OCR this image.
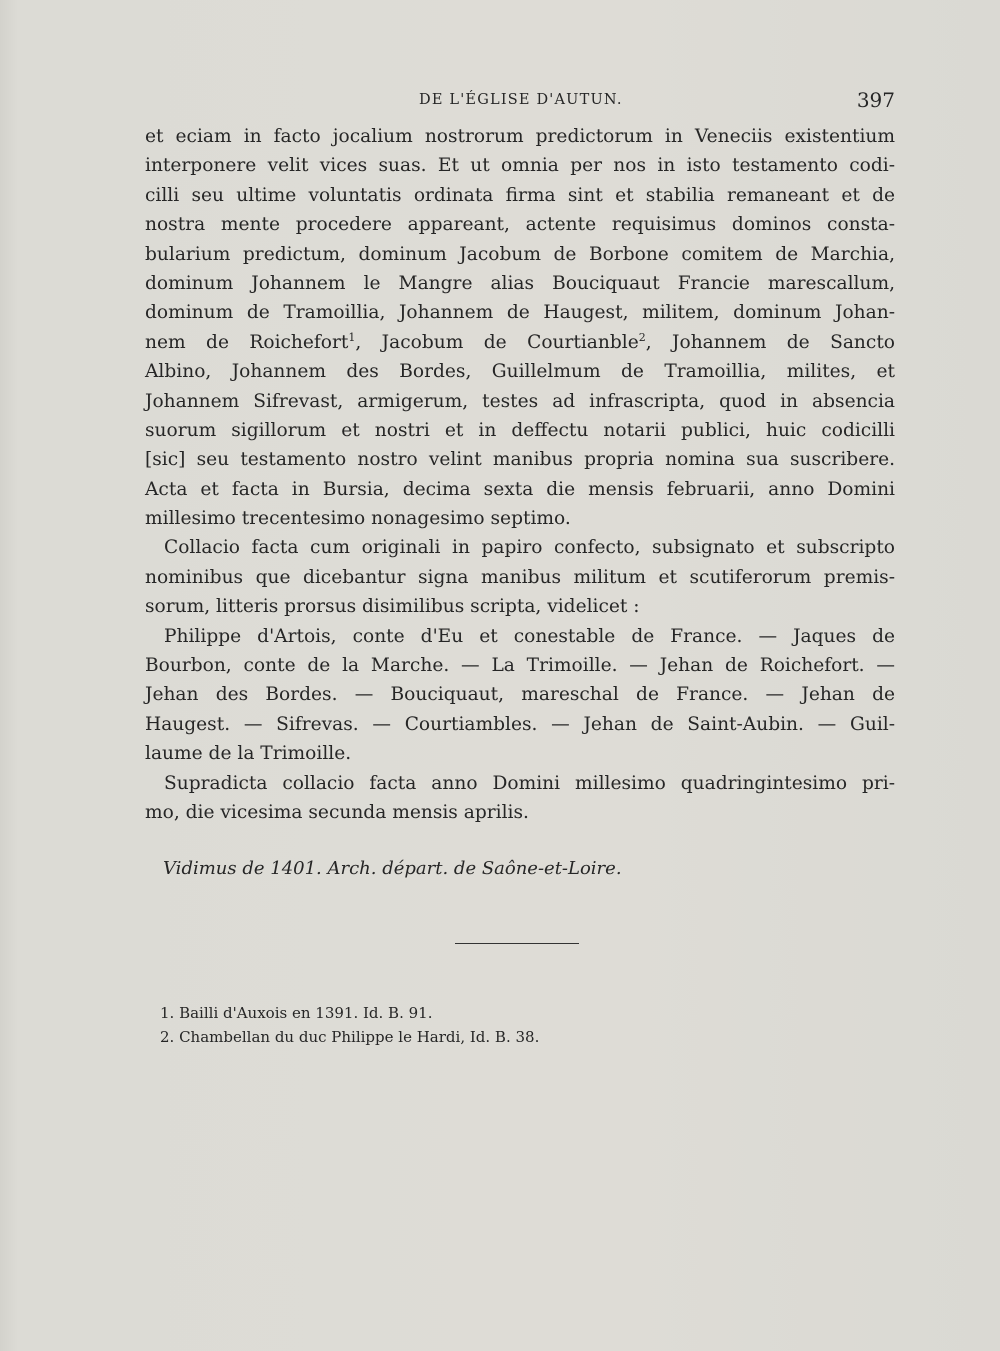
DE L'ÉGLISE D'AUTUN.	397
et eciam in facto jocalium nostrorum predictorum in Veneciis existentium
interponere velit vices suas. Et ut omnia per nos in isto testamento codi-
cilli seu ultime voluntatis ordinata firma sint et stabilia remaneant et de
nostra mente procedere appareant, actente requisimus dominos consta-
bularium predictum, dominum Jacobum de Borbone comitem de Marchia,
dominum Johannem le Mangre alias Bouciquaut Francie marescallum,
dominum de Tramoillia, Johannem de Haugest, militem, dominum Johan-
nem de Roichefort$^1$, Jacobum de Courtianble$^2$, Johannem de Sancto
Albino, Johannem des Bordes, Guillelmum de Tramoillia, milites, et
Johannem Sifrevast, armigerum, testes ad infrascripta, quod in absencia
suorum sigillorum et nostri et in deffectu notarii publici, huic codicilli
[sic] seu testamento nostro velint manibus propria nomina sua suscribere.
Acta et facta in Bursia, decima sexta die mensis februarii, anno Domini
millesimo trecentesimo nonagesimo septimo.
Collacio facta cum originali in papiro confecto, subsignato et subscripto
nominibus que dicebantur signa manibus militum et scutiferorum premis-
sorum, litteris prorsus disimilibus scripta, videlicet :
Philippe d'Artois, conte d'Eu et conestable de France. — Jaques de
Bourbon, conte de la Marche. — La Trimoille. — Jehan de Roichefort. —
Jehan des Bordes. — Bouciquaut, mareschal de France. — Jehan de
Haugest. — Sifrevas. — Courtiambles. — Jehan de Saint-Aubin. — Guil-
laume de la Trimoille.
Supradicta collacio facta anno Domini millesimo quadringintesimo pri-
mo, die vicesima secunda mensis aprilis.
Vidimus de 1401. Arch. départ. de Saône-et-Loire.
1. Bailli d'Auxois en 1391. Id. B. 91.
2. Chambellan du duc Philippe le Hardi, Id. B. 38.
